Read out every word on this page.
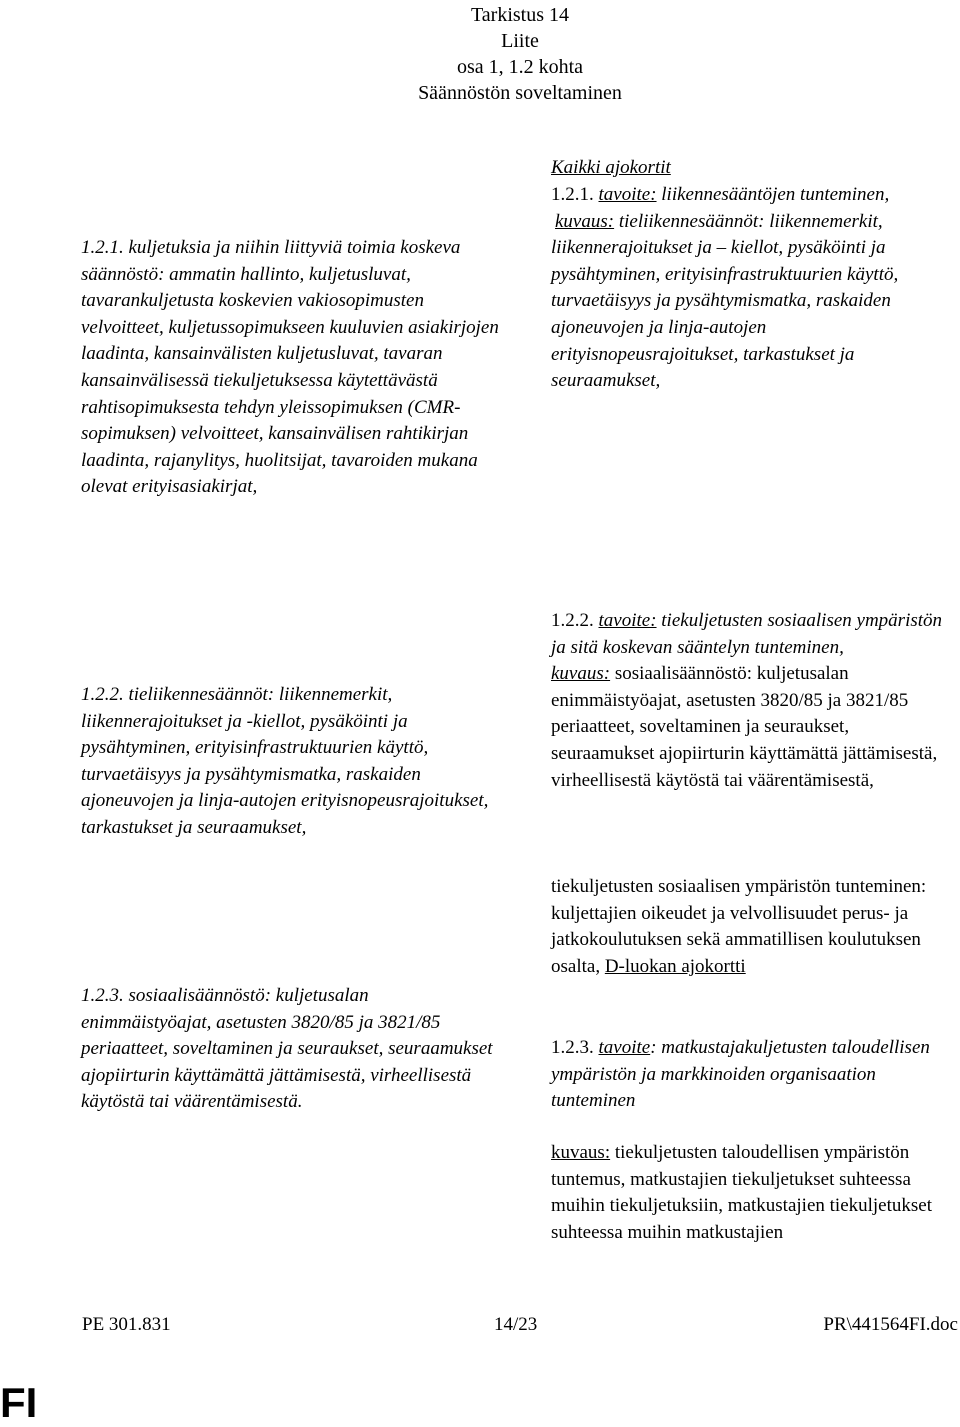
Tarkistus 14
Liite
osa 1, 1.2 kohta
Säännöstön soveltaminen

1.2.1. kuljetuksia ja niihin liittyviä toimia koskeva säännöstö: ammatin hallinto, kuljetusluvat, tavarankuljetusta koskevien vakiosopimusten velvoitteet, kuljetussopimukseen kuuluvien asiakirjojen laadinta, kansainvälisten kuljetusluvat, tavaran kansainvälisessä tiekuljetuksessa käytettävästä rahtisopimuksesta tehdyn yleissopimuksen (CMR-sopimuksen) velvoitteet, kansainvälisen rahtikirjan laadinta, rajanylitys, huolitsijat, tavaroiden mukana olevat erityisasiakirjat,

1.2.2. tieliikennesäännöt: liikennemerkit, liikennerajoitukset ja -kiellot, pysäköinti ja pysähtyminen, erityisinfrastruktuurien käyttö, turvaetäisyys ja pysähtymismatka, raskaiden ajoneuvojen ja linja-autojen erityisnopeusrajoitukset, tarkastukset ja seuraamukset,

1.2.3. sosiaalisäännöstö: kuljetusalan enimmäistyöajat, asetusten 3820/85 ja 3821/85 periaatteet, soveltaminen ja seuraukset, seuraamukset ajopiirturin käyttämättä jättämisestä, virheellisestä käytöstä tai väärentämisestä.

Kaikki ajokortit

1.2.1. tavoite: liikennesääntöjen tunteminen,
kuvaus: tieliikennesäännöt: liikennemerkit, liikennerajoitukset ja – kiellot, pysäköinti ja pysähtyminen, erityisinfrastruktuurien käyttö, turvaetäisyys ja pysähtymismatka, raskaiden ajoneuvojen ja linja-autojen erityisnopeusrajoitukset, tarkastukset ja seuraamukset,

1.2.2. tavoite: tiekuljetusten sosiaalisen ympäristön ja sitä koskevan sääntelyn tunteminen,
kuvaus: sosiaalisäännöstö: kuljetusalan enimmäistyöajat, asetusten 3820/85 ja 3821/85 periaatteet, soveltaminen ja seuraukset, seuraamukset ajopiirturin käyttämättä jättämisestä, virheellisestä käytöstä tai väärentämisestä,

tiekuljetusten sosiaalisen ympäristön tunteminen: kuljettajien oikeudet ja velvollisuudet perus- ja jatkokoulutuksen sekä ammatillisen koulutuksen osalta, D-luokan ajokortti

1.2.3. tavoite: matkustajakuljetusten taloudellisen ympäristön ja markkinoiden organisaation tunteminen

kuvaus: tiekuljetusten taloudellisen ympäristön tuntemus, matkustajien tiekuljetukset suhteessa muihin tiekuljetuksiin, matkustajien tiekuljetukset suhteessa muihin matkustajien

PE 301.831	14/23	PR\441564FI.doc
FI
